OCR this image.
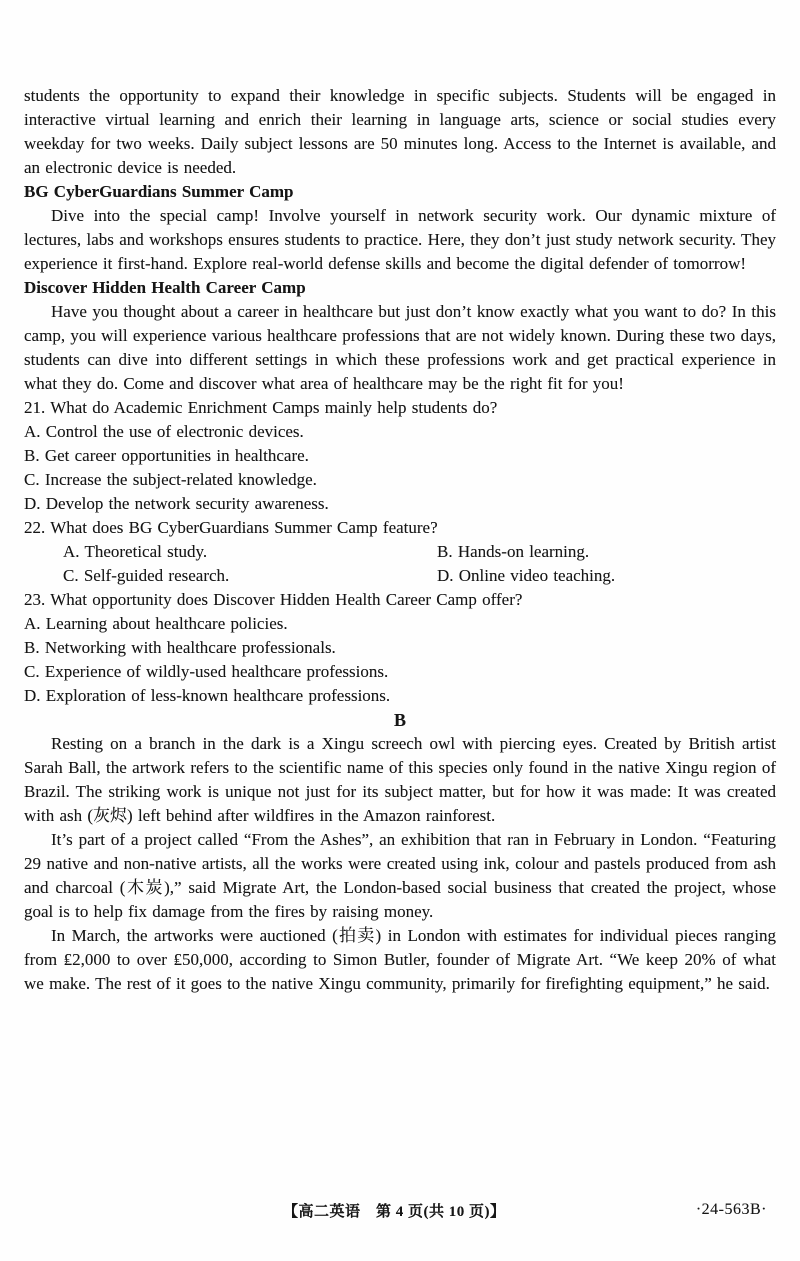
students the opportunity to expand their knowledge in specific subjects. Students will be engaged in interactive virtual learning and enrich their learning in language arts, science or social studies every weekday for two weeks. Daily subject lessons are 50 minutes long. Access to the Internet is available, and an electronic device is needed.

BG CyberGuardians Summer Camp

Dive into the special camp! Involve yourself in network security work. Our dynamic mixture of lectures, labs and workshops ensures students to practice. Here, they don’t just study network security. They experience it first-hand. Explore real-world defense skills and become the digital defender of tomorrow!

Discover Hidden Health Career Camp

Have you thought about a career in healthcare but just don’t know exactly what you want to do? In this camp, you will experience various healthcare professions that are not widely known. During these two days, students can dive into different settings in which these professions work and get practical experience in what they do. Come and discover what area of healthcare may be the right fit for you!

21. What do Academic Enrichment Camps mainly help students do?

A. Control the use of electronic devices.

B. Get career opportunities in healthcare.

C. Increase the subject-related knowledge.

D. Develop the network security awareness.

22. What does BG CyberGuardians Summer Camp feature?

A. Theoretical study.	B. Hands-on learning.
C. Self-guided research.	D. Online video teaching.

23. What opportunity does Discover Hidden Health Career Camp offer?

A. Learning about healthcare policies.

B. Networking with healthcare professionals.

C. Experience of wildly-used healthcare professions.

D. Exploration of less-known healthcare professions.

B

Resting on a branch in the dark is a Xingu screech owl with piercing eyes. Created by British artist Sarah Ball, the artwork refers to the scientific name of this species only found in the native Xingu region of Brazil. The striking work is unique not just for its subject matter, but for how it was made: It was created with ash (灰烬) left behind after wildfires in the Amazon rainforest.

It’s part of a project called “From the Ashes”, an exhibition that ran in February in London. “Featuring 29 native and non-native artists, all the works were created using ink, colour and pastels produced from ash and charcoal (木炭),” said Migrate Art, the London-based social business that created the project, whose goal is to help fix damage from the fires by raising money.

In March, the artworks were auctioned (拍卖) in London with estimates for individual pieces ranging from ₤2,000 to over ₤50,000, according to Simon Butler, founder of Migrate Art. “We keep 20% of what we make. The rest of it goes to the native Xingu community, primarily for firefighting equipment,” he said.

【高二英语　第 4 页(共 10 页)】	·24-563B·
